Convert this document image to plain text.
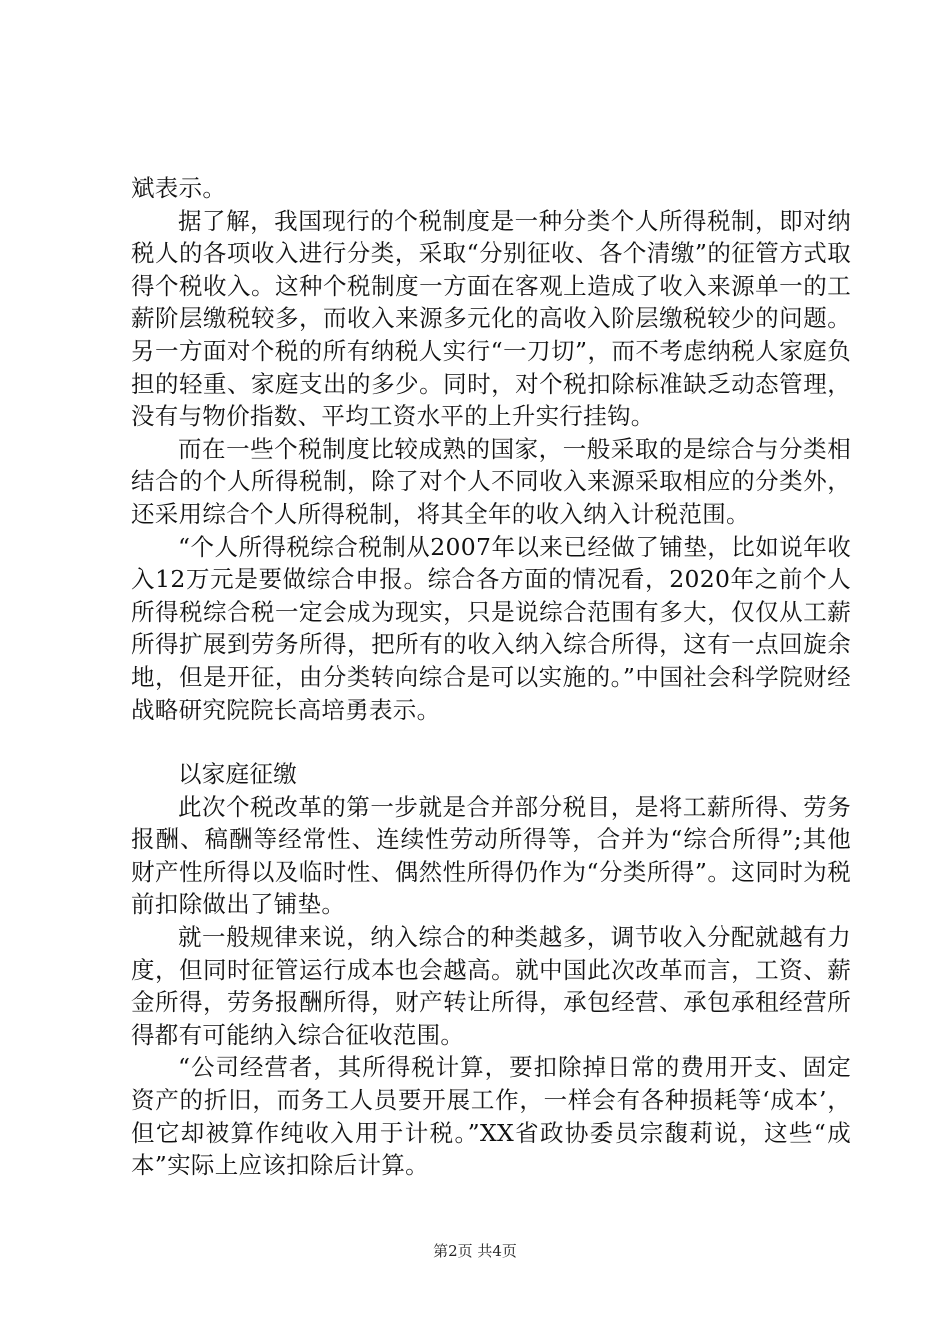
斌表示。

据了解，我国现行的个税制度是一种分类个人所得税制，即对纳税人的各项收入进行分类，采取“分别征收、各个清缴”的征管方式取得个税收入。这种个税制度一方面在客观上造成了收入来源单一的工薪阶层缴税较多，而收入来源多元化的高收入阶层缴税较少的问题。另一方面对个税的所有纳税人实行“一刀切”，而不考虑纳税人家庭负担的轻重、家庭支出的多少。同时，对个税扣除标准缺乏动态管理，没有与物价指数、平均工资水平的上升实行挂钩。

而在一些个税制度比较成熟的国家，一般采取的是综合与分类相结合的个人所得税制，除了对个人不同收入来源采取相应的分类外，还采用综合个人所得税制，将其全年的收入纳入计税范围。

“个人所得税综合税制从2007年以来已经做了铺垫，比如说年收入12万元是要做综合申报。综合各方面的情况看，2020年之前个人所得税综合税一定会成为现实，只是说综合范围有多大，仅仅从工薪所得扩展到劳务所得，把所有的收入纳入综合所得，这有一点回旋余地，但是开征，由分类转向综合是可以实施的。”中国社会科学院财经战略研究院院长高培勇表示。

以家庭征缴

此次个税改革的第一步就是合并部分税目，是将工薪所得、劳务报酬、稿酬等经常性、连续性劳动所得等，合并为“综合所得”;其他财产性所得以及临时性、偶然性所得仍作为“分类所得”。这同时为税前扣除做出了铺垫。

就一般规律来说，纳入综合的种类越多，调节收入分配就越有力度，但同时征管运行成本也会越高。就中国此次改革而言，工资、薪金所得，劳务报酬所得，财产转让所得，承包经营、承包承租经营所得都有可能纳入综合征收范围。

“公司经营者，其所得税计算，要扣除掉日常的费用开支、固定资产的折旧，而务工人员要开展工作，一样会有各种损耗等‘成本’，但它却被算作纯收入用于计税。”XX省政协委员宗馥莉说，这些“成本”实际上应该扣除后计算。

第2页 共4页
